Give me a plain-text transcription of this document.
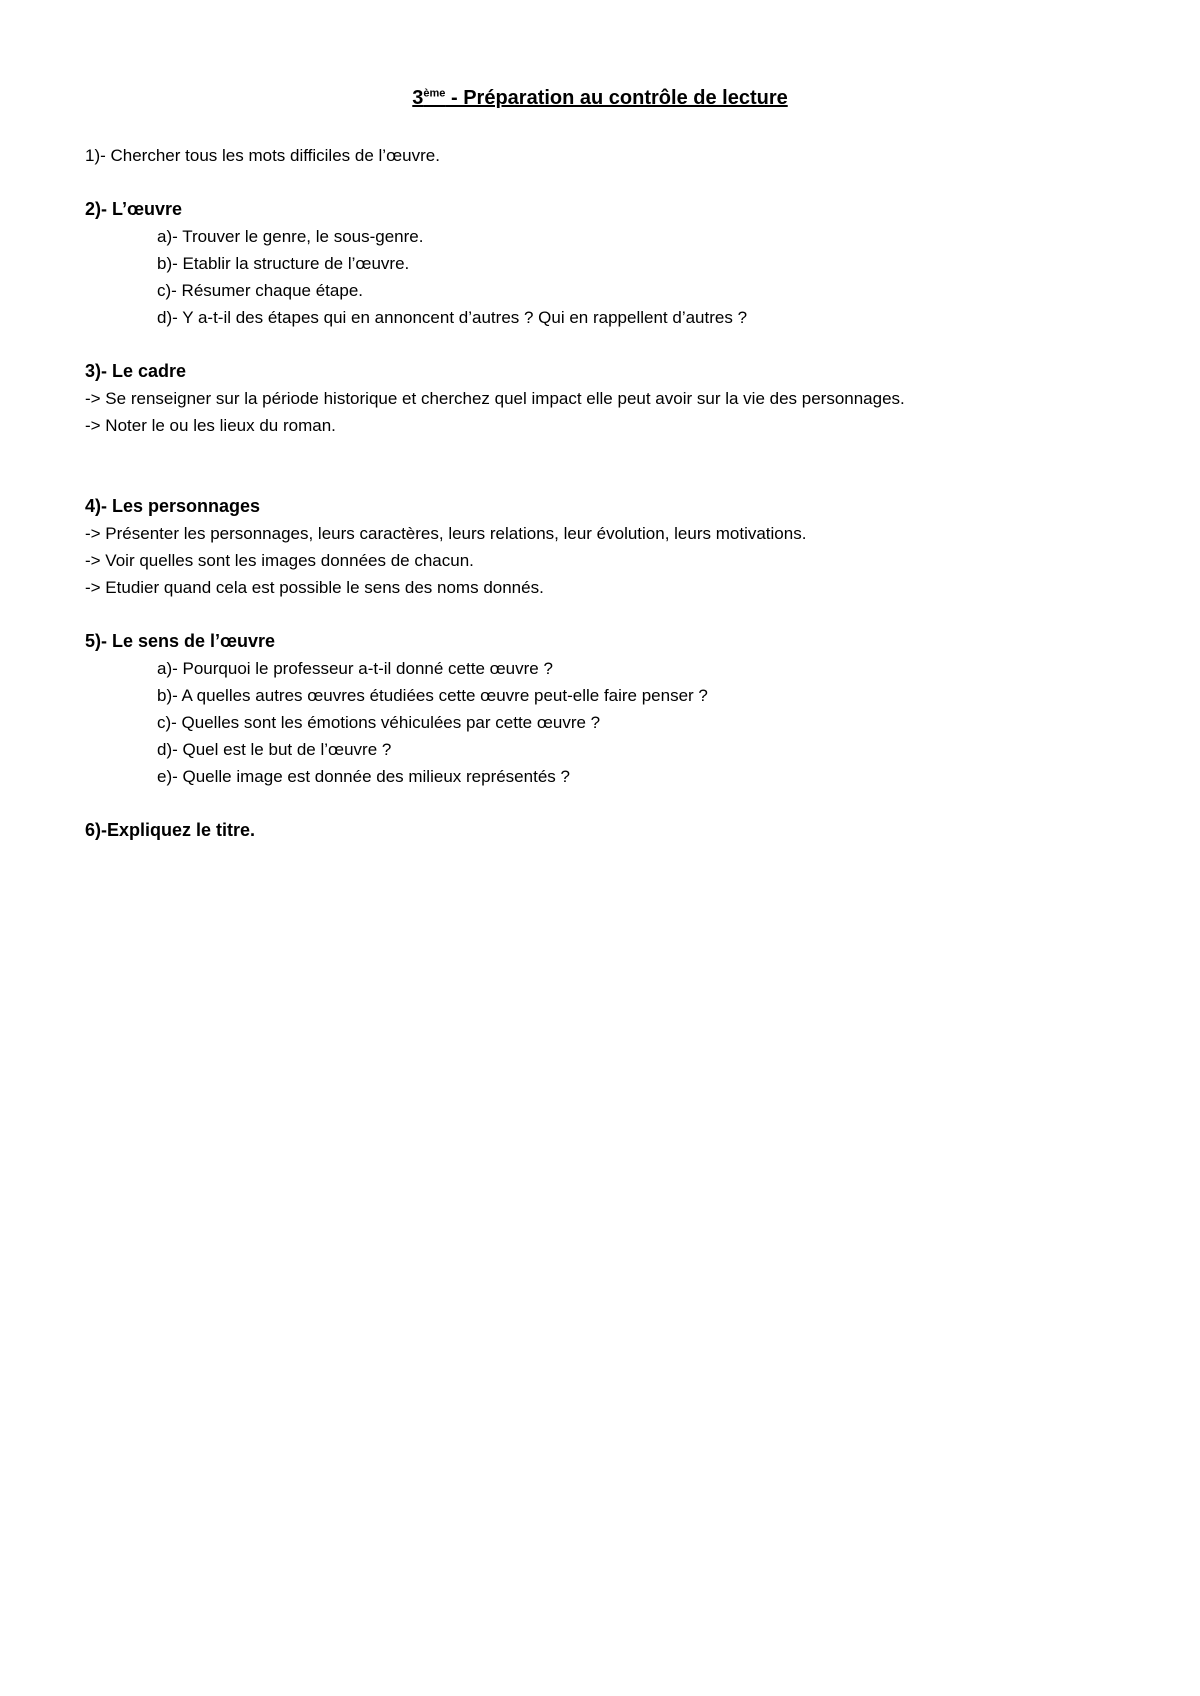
3ème - Préparation au contrôle de lecture
1)- Chercher tous les mots difficiles de l’œuvre.
2)- L’œuvre
a)- Trouver le genre, le sous-genre.
b)- Etablir la structure de l’œuvre.
c)- Résumer chaque étape.
d)- Y a-t-il des étapes qui en annoncent d’autres ? Qui en rappellent d’autres ?
3)- Le cadre
-> Se renseigner sur la période historique et cherchez quel impact elle peut avoir sur la vie des personnages.
-> Noter le ou les lieux du roman.
4)- Les personnages
-> Présenter les personnages, leurs caractères, leurs relations, leur évolution, leurs motivations.
-> Voir quelles sont les images données de chacun.
-> Etudier quand cela est possible le sens des noms donnés.
5)- Le sens de l’œuvre
a)- Pourquoi le professeur a-t-il donné cette œuvre ?
b)- A quelles autres œuvres étudiées cette œuvre peut-elle faire penser ?
c)- Quelles sont les émotions véhiculées par cette œuvre ?
d)- Quel est le but de l’œuvre ?
e)- Quelle image est donnée des milieux représentés ?
6)-Expliquez le titre.
